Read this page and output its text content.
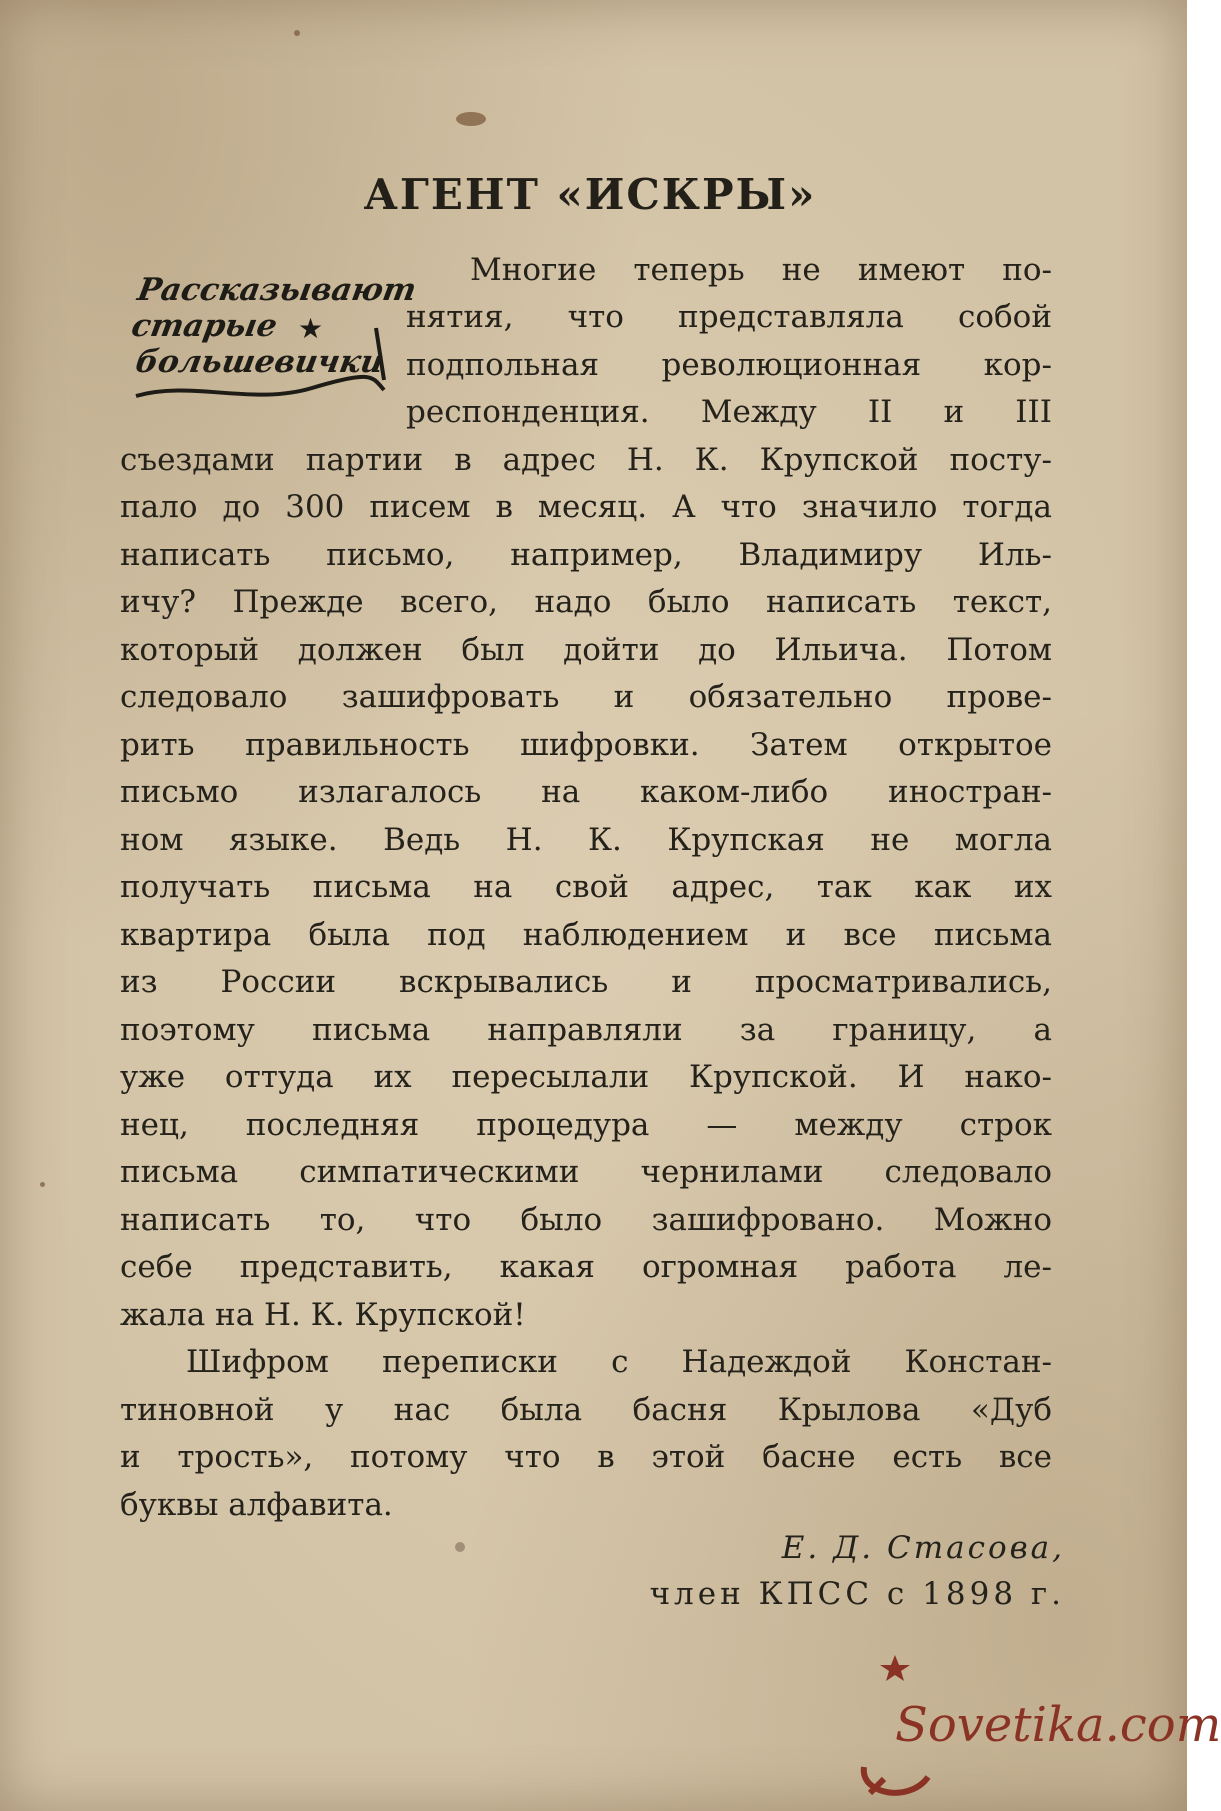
АГЕНТ «ИСКРЫ»
Рассказывают
старые ★
большевички
Многие теперь не имеют по-
нятия, что представляла собой
подпольная революционная кор-
респонденция. Между II и III
съездами партии в адрес Н. К. Крупской посту-
пало до 300 писем в месяц. А что значило тогда
написать письмо, например, Владимиру Иль-
ичу? Прежде всего, надо было написать текст,
который должен был дойти до Ильича. Потом
следовало зашифровать и обязательно прове-
рить правильность шифровки. Затем открытое
письмо излагалось на каком-либо иностран-
ном языке. Ведь Н. К. Крупская не могла
получать письма на свой адрес, так как их
квартира была под наблюдением и все письма
из России вскрывались и просматривались,
поэтому письма направляли за границу, а
уже оттуда их пересылали Крупской. И нако-
нец, последняя процедура — между строк
письма симпатическими чернилами следовало
написать то, что было зашифровано. Можно
себе представить, какая огромная работа ле-
жала на Н. К. Крупской!
Шифром переписки с Надеждой Констан-
тиновной у нас была басня Крылова «Дуб
и трость», потому что в этой басне есть все
буквы алфавита.
Е. Д. Стасова,
член КПСС с 1898 г.
Sovetika.com
